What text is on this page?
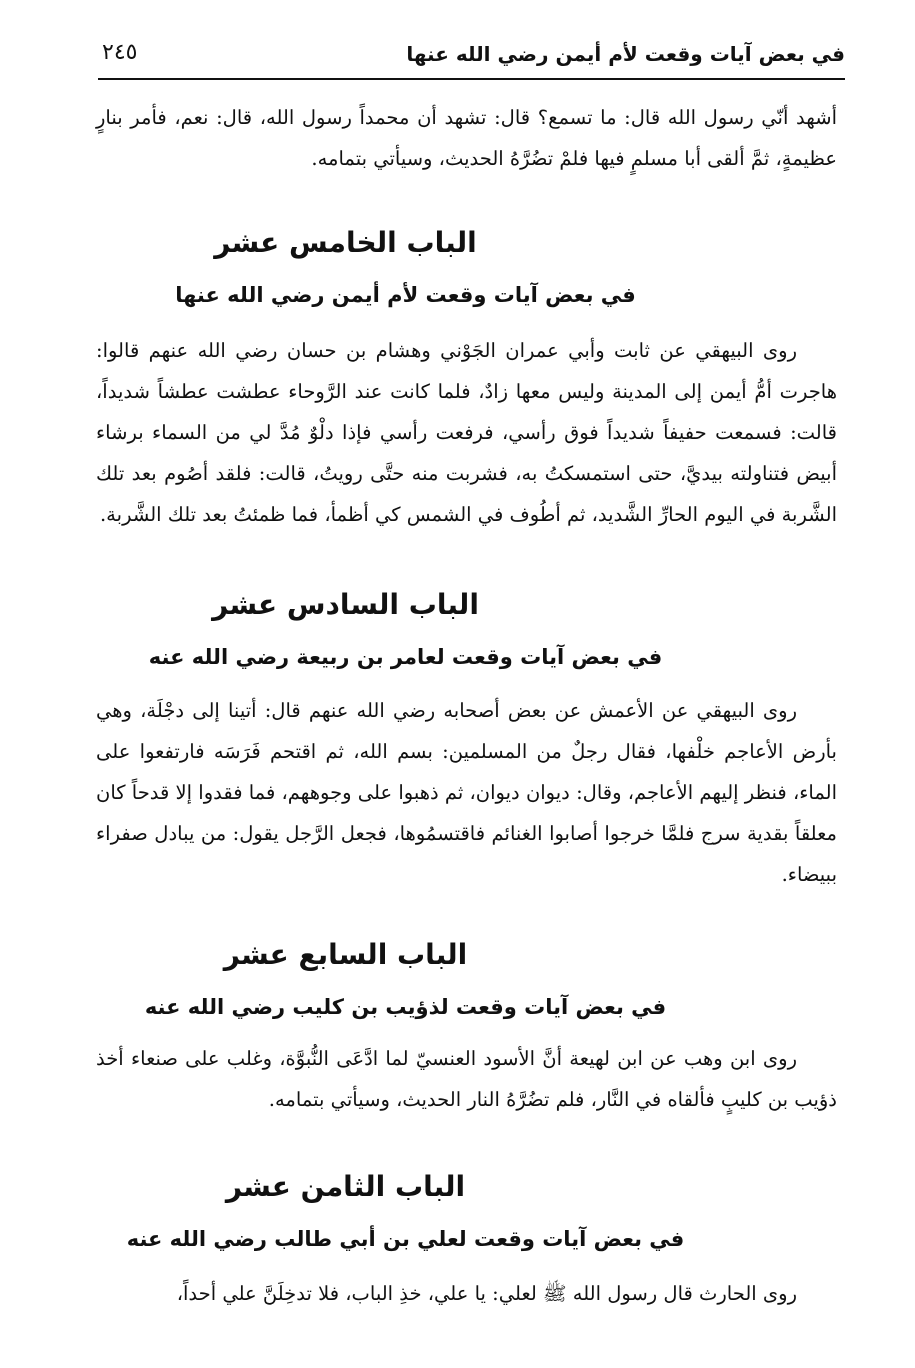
في بعض آيات وقعت لأم أيمن رضي الله عنها
٢٤٥

أشهد أنّي رسول الله قال: ما تسمع؟ قال: تشهد أن محمداً رسول الله، قال: نعم، فأمر بنارٍ عظيمةٍ، ثمَّ ألقى أبا مسلمٍ فيها فلمْ تضُرَّهُ الحديث، وسيأتي بتمامه.

الباب الخامس عشر
في بعض آيات وقعت لأم أيمن رضي الله عنها

روى البيهقي عن ثابت وأبي عمران الجَوْني وهشام بن حسان رضي الله عنهم قالوا: هاجرت أمُّ أيمن إلى المدينة وليس معها زادٌ، فلما كانت عند الرَّوحاء عطشت عطشاً شديداً، قالت: فسمعت حفيفاً شديداً فوق رأسي، فرفعت رأسي فإذا دلْوٌ مُدَّ لي من السماء برشاء أبيض فتناولته بيديَّ، حتى استمسكتُ به، فشربت منه حتَّى رويتُ، قالت: فلقد أصُوم بعد تلك الشَّربة في اليوم الحارِّ الشَّديد، ثم أطُوف في الشمس كي أظمأ، فما ظمئتُ بعد تلك الشَّربة.

الباب السادس عشر
في بعض آيات وقعت لعامر بن ربيعة رضي الله عنه

روى البيهقي عن الأعمش عن بعض أصحابه رضي الله عنهم قال: أتينا إلى دجْلَة، وهي بأرض الأعاجم خلْفها، فقال رجلٌ من المسلمين: بسم الله، ثم اقتحم فَرَسَه فارتفعوا على الماء، فنظر إليهم الأعاجم، وقال: ديوان ديوان، ثم ذهبوا على وجوههم، فما فقدوا إلا قدحاً كان معلقاً بقدية سرج فلمَّا خرجوا أصابوا الغنائم فاقتسمُوها، فجعل الرَّجل يقول: من يبادل صفراء ببيضاء.

الباب السابع عشر
في بعض آيات وقعت لذؤيب بن كليب رضي الله عنه

روى ابن وهب عن ابن لهيعة أنَّ الأسود العنسيّ لما ادَّعَى النُّبوَّة، وغلب على صنعاء أخذ ذؤيب بن كليبٍ فألقاه في النَّار، فلم تضُرَّهُ النار الحديث، وسيأتي بتمامه.

الباب الثامن عشر
في بعض آيات وقعت لعلي بن أبي طالب رضي الله عنه

روى الحارث قال رسول الله ﷺ لعلي: يا علي، خذِ الباب، فلا تدخِلَنَّ علي أحداً،
